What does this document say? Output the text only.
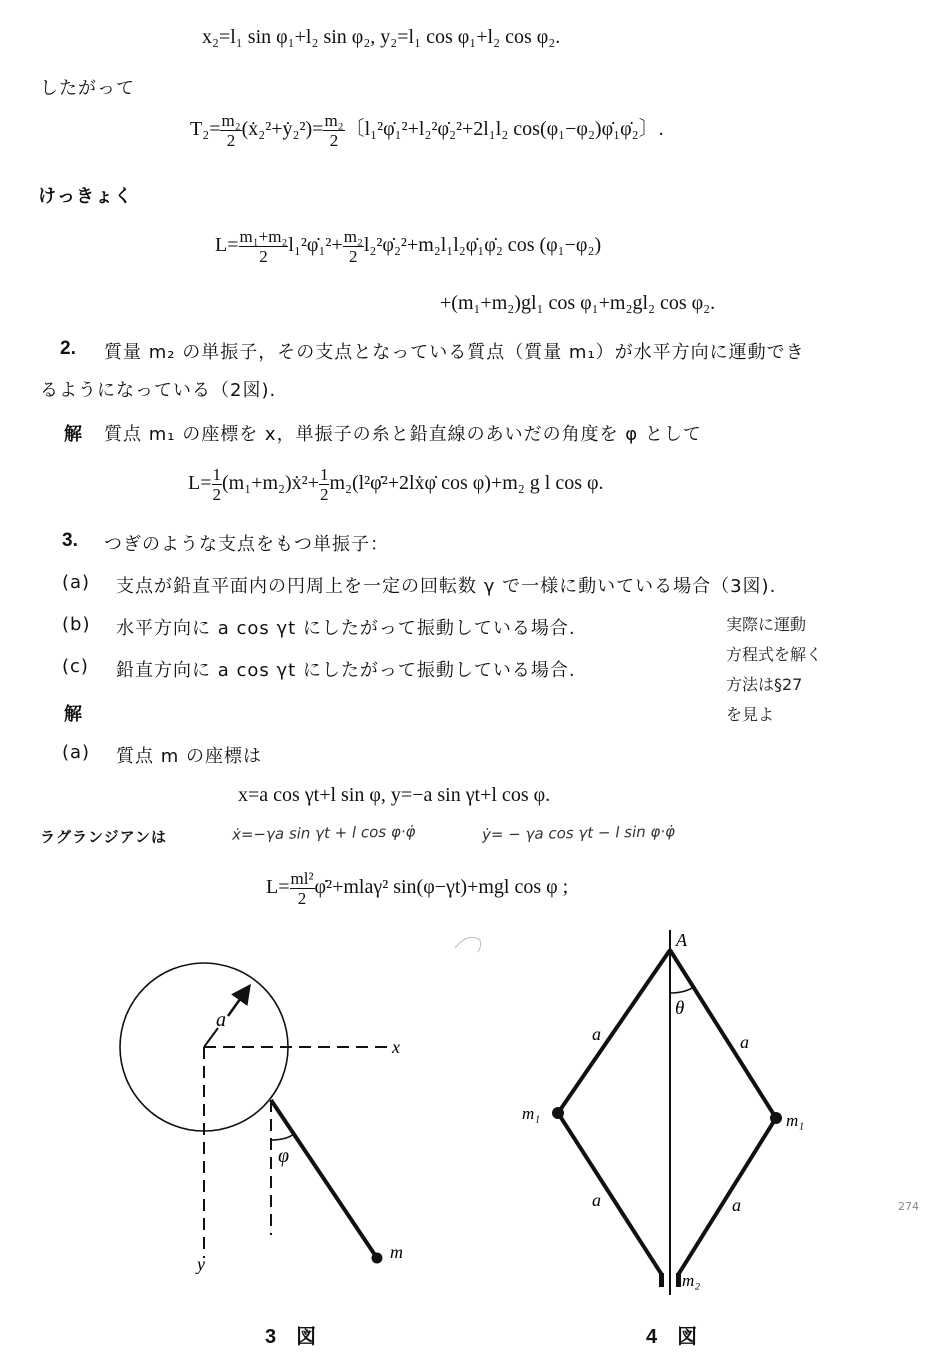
x₂=l₁ sin φ₁+l₂ sin φ₂, y₂=l₁ cos φ₁+l₂ cos φ₂.
したがって
$T_2= \frac{\text{m₂}}{2}$ (ẋ₂²+ẏ₂²)= $\frac{\text{m₂}}{2}$ 〔l₁²φ̇₁²+l₂²φ̇₂²+2l₁l₂ cos(φ₁−φ₂)φ̇₁φ̇₂〕.
けっきょく
$L= \frac{\text{m₁+m₂}}{2}$ l₁²φ̇₁²+ $\frac{\text{m₂}}{2}$ l₂²φ̇₂²+m₂l₁l₂φ̇₁φ̇₂ cos (φ₁−φ₂)
+(m₁+m₂)gl₁ cos φ₁+m₂gl₂ cos φ₂.
2. 質量 m₂ の単振子，その支点となっている質点（質量 m₁）が水平方向に運動でき
るようになっている（2図).
解 質点 m₁ の座標を x，単振子の糸と鉛直線のあいだの角度を φ として
$L= \frac{1}{2}$ (m₁+m₂)ẋ²+ $\frac{1}{2}$ m₂(l²φ̇²+2lẋφ̇ cos φ)+m₂ g l cos φ.
3. つぎのような支点をもつ単振子：
(a) 支点が鉛直平面内の円周上を一定の回転数 γ で一様に動いている場合（3図).
(b) 水平方向に a cos γt にしたがって振動している場合.
(c) 鉛直方向に a cos γt にしたがって振動している場合.
実際に運動
方程式を解く
方法は§27
を見よ
解
(a) 質点 m の座標は
x=a cos γt+l sin φ, y=−a sin γt+l cos φ.
ラグランジアンは	ẋ=−γa sin γt + l cos φ·φ̇	ẏ= − γa cos γt − l sin φ·φ̇
$L= \frac{\text{ml²}}{2}$ φ̇²+mlaγ² sin(φ−γt)+mgl cos φ ;
a
x
y
φ
m
3　図
A
θ
a	a
a	a
m₁	m₁
m₂
4　図
274
